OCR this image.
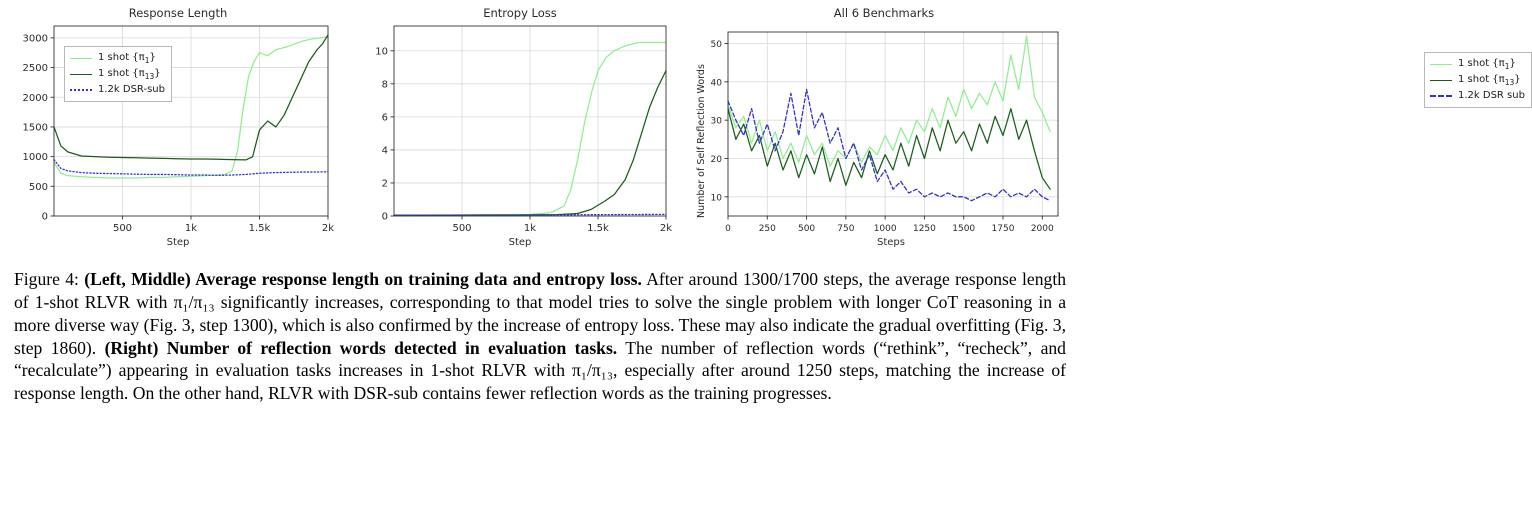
Response Length
500	1k	1.5k	2k
0
500
1000
1500
2000
2500
3000
1 shot $\{\pi_1\}$
1 shot $\{\pi_{13}\}$
1.2k DSR-sub
Step
Entropy Loss
500	1k	1.5k	2k
0
2
4
6
8
10
Step
All 6 Benchmarks
0	250 500 750 1000 1250 1500 1750 2000
10
20
30
40
50
1 shot $\{\pi_1\}$
1 shot $\{\pi_{13}\}$
1.2k DSR sub
Steps
Number of Self Reflection Words
Figure 4: (Left, Middle) Average response length on training data and entropy loss. After around 1300/1700 steps, the average response length of 1-shot RLVR with π₁/π₁₃ significantly increases, corresponding to that model tries to solve the single problem with longer CoT reasoning in a more diverse way (Fig. 3, step 1300), which is also confirmed by the increase of entropy loss. These may also indicate the gradual overfitting (Fig. 3, step 1860). (Right) Number of reflection words detected in evaluation tasks. The number of reflection words (“rethink”, “recheck”, and “recalculate”) appearing in evaluation tasks increases in 1-shot RLVR with π₁/π₁₃, especially after around 1250 steps, matching the increase of response length. On the other hand, RLVR with DSR-sub contains fewer reflection words as the training progresses.
